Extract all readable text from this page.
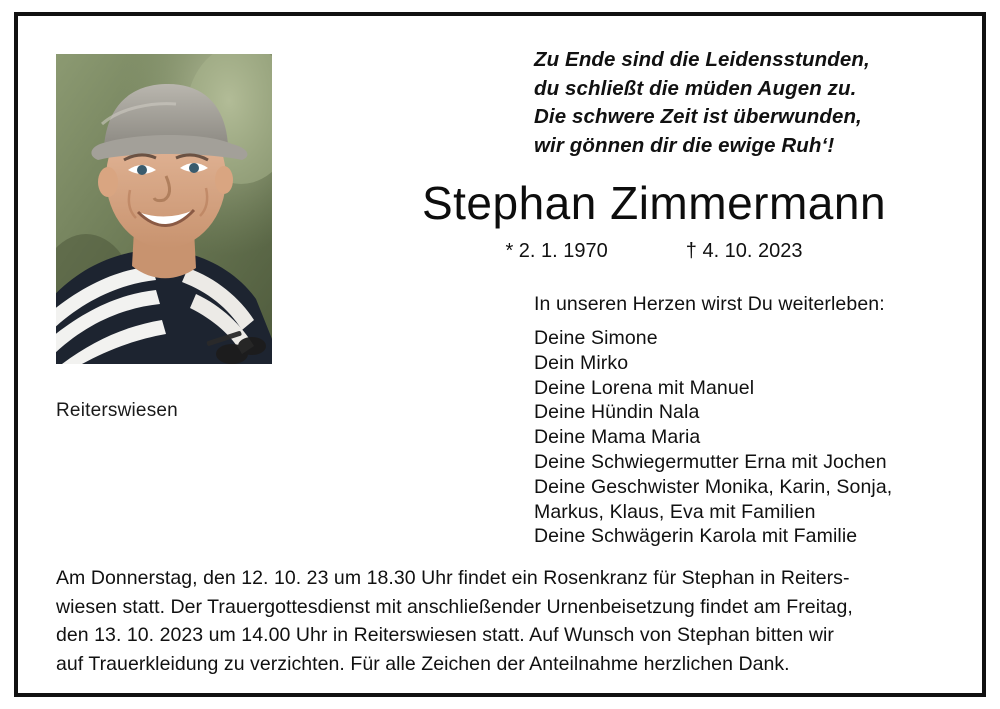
Reiterswiesen
Zu Ende sind die Leidensstunden,
du schließt die müden Augen zu.
Die schwere Zeit ist überwunden,
wir gönnen dir die ewige Ruh‘!
Stephan Zimmermann
* 2. 1. 1970	† 4. 10. 2023
In unseren Herzen wirst Du weiterleben:
Deine Simone
Dein Mirko
Deine Lorena mit Manuel
Deine Hündin Nala
Deine Mama Maria
Deine Schwiegermutter Erna mit Jochen
Deine Geschwister Monika, Karin, Sonja,
Markus, Klaus, Eva mit Familien
Deine Schwägerin Karola mit Familie
Am Donnerstag, den 12. 10. 23 um 18.30 Uhr findet ein Rosenkranz für Stephan in Reiters-
wiesen statt. Der Trauergottesdienst mit anschließender Urnenbeisetzung findet am Freitag,
den 13. 10. 2023 um 14.00 Uhr in Reiterswiesen statt. Auf Wunsch von Stephan bitten wir
auf Trauerkleidung zu verzichten. Für alle Zeichen der Anteilnahme herzlichen Dank.
